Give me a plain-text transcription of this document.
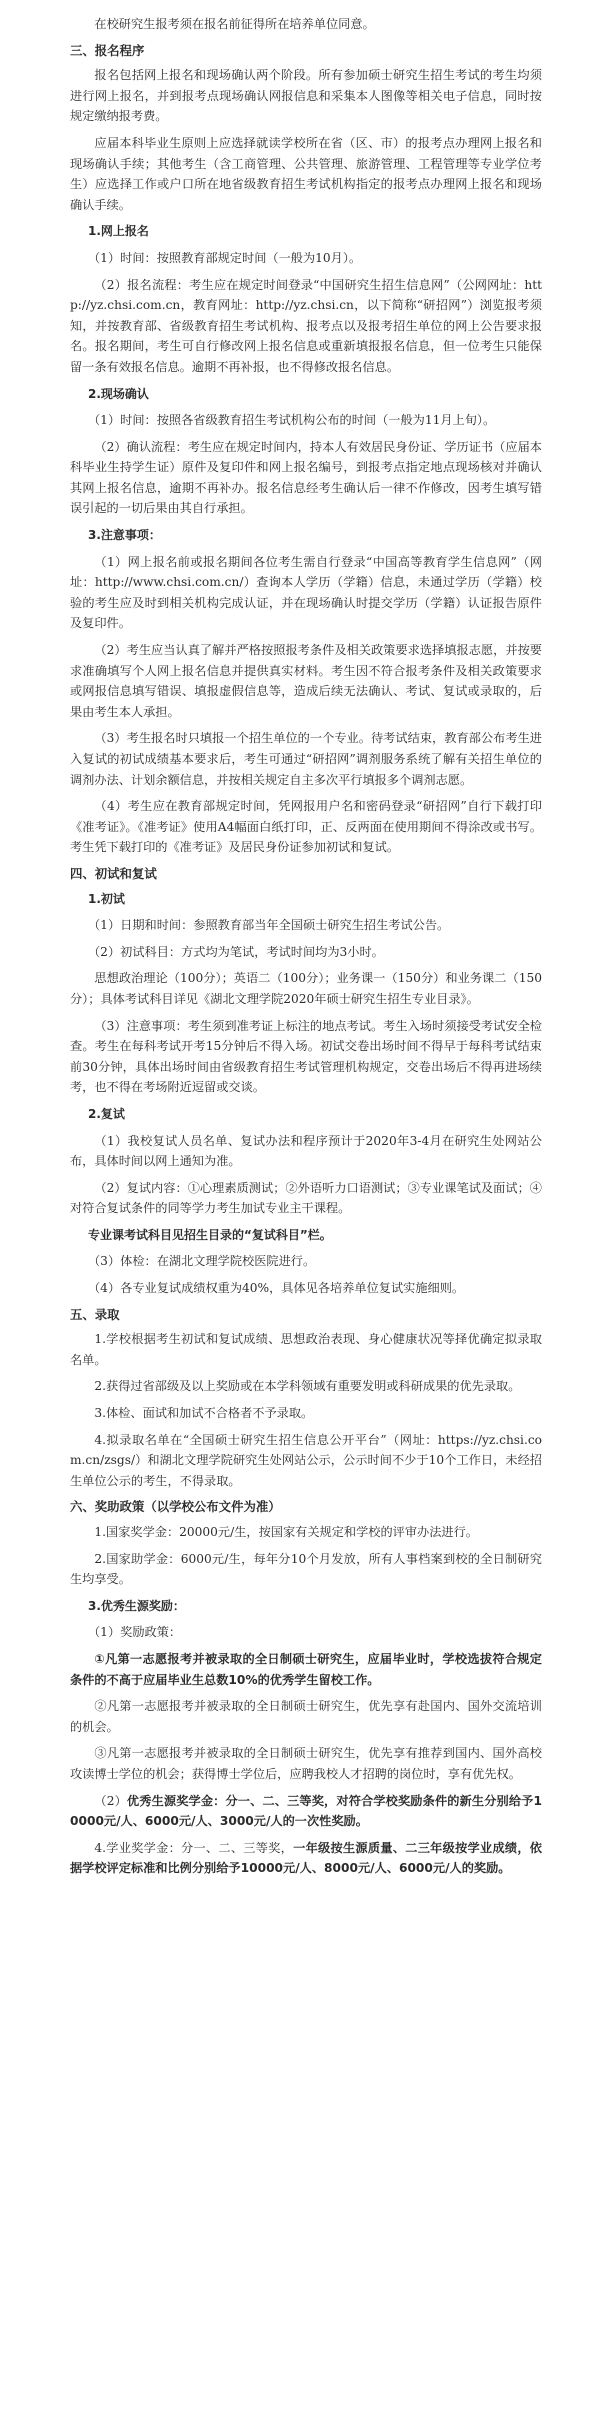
在校研究生报考须在报名前征得所在培养单位同意。

三、报名程序

报名包括网上报名和现场确认两个阶段。所有参加硕士研究生招生考试的考生均须进行网上报名，并到报考点现场确认网报信息和采集本人图像等相关电子信息，同时按规定缴纳报考费。

应届本科毕业生原则上应选择就读学校所在省（区、市）的报考点办理网上报名和现场确认手续；其他考生（含工商管理、公共管理、旅游管理、工程管理等专业学位考生）应选择工作或户口所在地省级教育招生考试机构指定的报考点办理网上报名和现场确认手续。

1.网上报名

（1）时间：按照教育部规定时间（一般为10月）。

（2）报名流程：考生应在规定时间登录“中国研究生招生信息网”（公网网址：http://yz.chsi.com.cn，教育网址：http://yz.chsi.cn，以下简称“研招网”）浏览报考须知，并按教育部、省级教育招生考试机构、报考点以及报考招生单位的网上公告要求报名。报名期间，考生可自行修改网上报名信息或重新填报报名信息，但一位考生只能保留一条有效报名信息。逾期不再补报，也不得修改报名信息。

2.现场确认

（1）时间：按照各省级教育招生考试机构公布的时间（一般为11月上旬）。

（2）确认流程：考生应在规定时间内，持本人有效居民身份证、学历证书（应届本科毕业生持学生证）原件及复印件和网上报名编号，到报考点指定地点现场核对并确认其网上报名信息，逾期不再补办。报名信息经考生确认后一律不作修改，因考生填写错误引起的一切后果由其自行承担。

3.注意事项：

（1）网上报名前或报名期间各位考生需自行登录“中国高等教育学生信息网”（网址：http://www.chsi.com.cn/）查询本人学历（学籍）信息，未通过学历（学籍）校验的考生应及时到相关机构完成认证，并在现场确认时提交学历（学籍）认证报告原件及复印件。

（2）考生应当认真了解并严格按照报考条件及相关政策要求选择填报志愿，并按要求准确填写个人网上报名信息并提供真实材料。考生因不符合报考条件及相关政策要求或网报信息填写错误、填报虚假信息等，造成后续无法确认、考试、复试或录取的，后果由考生本人承担。

（3）考生报名时只填报一个招生单位的一个专业。待考试结束，教育部公布考生进入复试的初试成绩基本要求后，考生可通过“研招网”调剂服务系统了解有关招生单位的调剂办法、计划余额信息，并按相关规定自主多次平行填报多个调剂志愿。

（4）考生应在教育部规定时间，凭网报用户名和密码登录“研招网”自行下载打印《准考证》。《准考证》使用A4幅面白纸打印，正、反两面在使用期间不得涂改或书写。考生凭下载打印的《准考证》及居民身份证参加初试和复试。

四、初试和复试

1.初试

（1）日期和时间：参照教育部当年全国硕士研究生招生考试公告。

（2）初试科目：方式均为笔试，考试时间均为3小时。

思想政治理论（100分）；英语二（100分）；业务课一（150分）和业务课二（150分）；具体考试科目详见《湖北文理学院2020年硕士研究生招生专业目录》。

（3）注意事项：考生须到准考证上标注的地点考试。考生入场时须接受考试安全检查。考生在每科考试开考15分钟后不得入场。初试交卷出场时间不得早于每科考试结束前30分钟，具体出场时间由省级教育招生考试管理机构规定，交卷出场后不得再进场续考，也不得在考场附近逗留或交谈。

2.复试

（1）我校复试人员名单、复试办法和程序预计于2020年3-4月在研究生处网站公布，具体时间以网上通知为准。

（2）复试内容：①心理素质测试；②外语听力口语测试；③专业课笔试及面试；④对符合复试条件的同等学力考生加试专业主干课程。

专业课考试科目见招生目录的“复试科目”栏。

（3）体检：在湖北文理学院校医院进行。

（4）各专业复试成绩权重为40%，具体见各培养单位复试实施细则。

五、录取

1.学校根据考生初试和复试成绩、思想政治表现、身心健康状况等择优确定拟录取名单。

2.获得过省部级及以上奖励或在本学科领域有重要发明或科研成果的优先录取。

3.体检、面试和加试不合格者不予录取。

4.拟录取名单在“全国硕士研究生招生信息公开平台”（网址：https://yz.chsi.com.cn/zsgs/）和湖北文理学院研究生处网站公示，公示时间不少于10个工作日，未经招生单位公示的考生，不得录取。

六、奖助政策（以学校公布文件为准）

1.国家奖学金：20000元/生，按国家有关规定和学校的评审办法进行。

2.国家助学金：6000元/生，每年分10个月发放，所有人事档案到校的全日制研究生均享受。

3.优秀生源奖励：

（1）奖励政策：

①凡第一志愿报考并被录取的全日制硕士研究生，应届毕业时，学校选拔符合规定条件的不高于应届毕业生总数10%的优秀学生留校工作。

②凡第一志愿报考并被录取的全日制硕士研究生，优先享有赴国内、国外交流培训的机会。

③凡第一志愿报考并被录取的全日制硕士研究生，优先享有推荐到国内、国外高校攻读博士学位的机会；获得博士学位后，应聘我校人才招聘的岗位时，享有优先权。

（2）优秀生源奖学金：分一、二、三等奖，对符合学校奖励条件的新生分别给予10000元/人、6000元/人、3000元/人的一次性奖励。

4.学业奖学金：分一、二、三等奖，一年级按生源质量、二三年级按学业成绩，依据学校评定标准和比例分别给予10000元/人、8000元/人、6000元/人的奖励。
